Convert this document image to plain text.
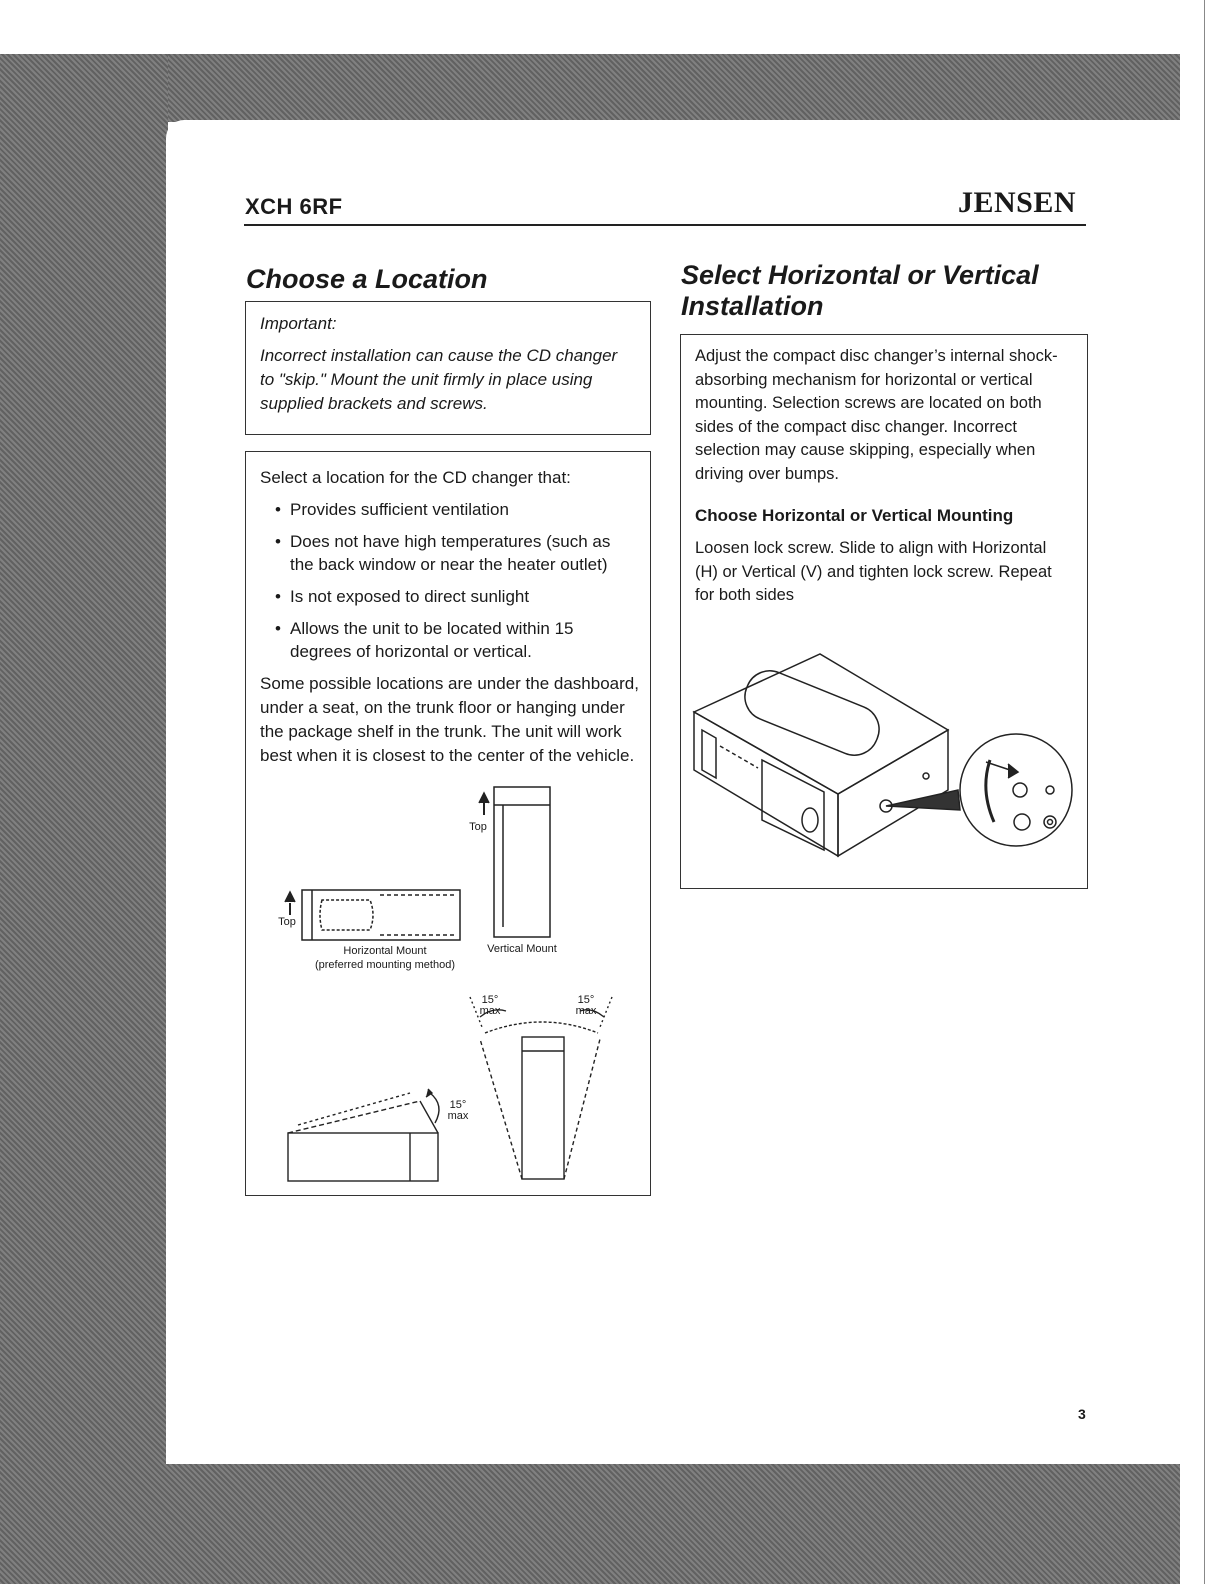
XCH 6RF	JENSEN
Choose a Location
Important:
Incorrect installation can cause the CD changer to "skip." Mount the unit firmly in place using supplied brackets and screws.
Select a location for the CD changer that:
• Provides sufficient ventilation
• Does not have high temperatures (such as the back window or near the heater outlet)
• Is not exposed to direct sunlight
• Allows the unit to be located within 15 degrees of horizontal or vertical.
Some possible locations are under the dashboard, under a seat, on the trunk floor or hanging under the package shelf in the trunk. The unit will work best when it is closest to the center of the vehicle.
Top
Top
Horizontal Mount
(preferred mounting method)
Vertical Mount
15°
max
15°
max
15°
max
Select Horizontal or Vertical Installation
Adjust the compact disc changer’s internal shock-absorbing mechanism for horizontal or vertical mounting. Selection screws are located on both sides of the compact disc changer. Incorrect selection may cause skipping, especially when driving over bumps.
Choose Horizontal or Vertical Mounting
Loosen lock screw. Slide to align with Horizontal (H) or Vertical (V) and tighten lock screw. Repeat for both sides
3
